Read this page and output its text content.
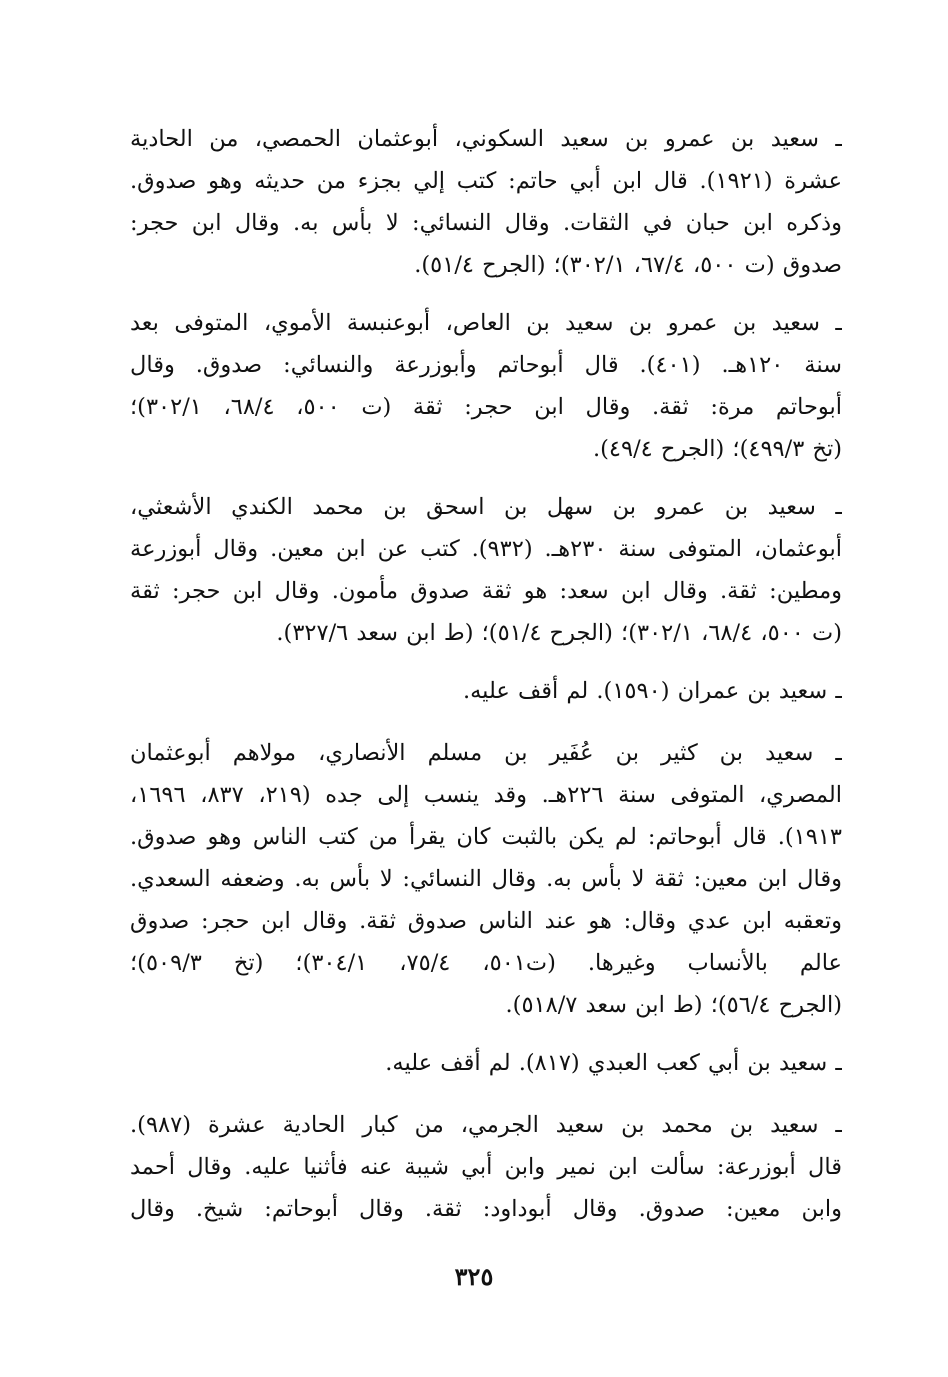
ـ سعيد بن عمرو بن سعيد السكوني، أبوعثمان الحمصي، من الحادية
عشرة (١٩٢١). قال ابن أبي حاتم: كتب إلي بجزء من حديثه وهو صدوق.
وذكره ابن حبان في الثقات. وقال النسائي: لا بأس به. وقال ابن حجر:
صدوق (ت ٥٠٠، ٦٧/٤، ٣٠٢/١)؛ (الجرح ٥١/٤).
ـ سعيد بن عمرو بن سعيد بن العاص، أبوعنبسة الأموي، المتوفى بعد
سنة ١٢٠هـ. (٤٠١). قال أبوحاتم وأبوزرعة والنسائي: صدوق. وقال
أبوحاتم مرة: ثقة. وقال ابن حجر: ثقة (ت ٥٠٠، ٦٨/٤، ٣٠٢/١)؛
(تخ ٤٩٩/٣)؛ (الجرح ٤٩/٤).
ـ سعيد بن عمرو بن سهل بن اسحق بن محمد الكندي الأشعثي،
أبوعثمان، المتوفى سنة ٢٣٠هـ. (٩٣٢). كتب عن ابن معين. وقال أبوزرعة
ومطين: ثقة. وقال ابن سعد: هو ثقة صدوق مأمون. وقال ابن حجر: ثقة
(ت ٥٠٠، ٦٨/٤، ٣٠٢/١)؛ (الجرح ٥١/٤)؛ (ط ابن سعد ٣٢٧/٦).
ـ سعيد بن عمران (١٥٩٠). لم أقف عليه.
ـ سعيد بن كثير بن عُفَير بن مسلم الأنصاري، مولاهم أبوعثمان
المصري، المتوفى سنة ٢٢٦هـ. وقد ينسب إلى جده (٢١٩، ٨٣٧، ١٦٩٦،
١٩١٣). قال أبوحاتم: لم يكن بالثبت كان يقرأ من كتب الناس وهو صدوق.
وقال ابن معين: ثقة لا بأس به. وقال النسائي: لا بأس به. وضعفه السعدي.
وتعقبه ابن عدي وقال: هو عند الناس صدوق ثقة. وقال ابن حجر: صدوق
عالم بالأنساب وغيرها. (ت٥٠١، ٧٥/٤، ٣٠٤/١)؛ (تخ ٥٠٩/٣)؛
(الجرح ٥٦/٤)؛ (ط ابن سعد ٥١٨/٧).
ـ سعيد بن أبي كعب العبدي (٨١٧). لم أقف عليه.
ـ سعيد بن محمد بن سعيد الجرمي، من كبار الحادية عشرة (٩٨٧).
قال أبوزرعة: سألت ابن نمير وابن أبي شيبة عنه فأثنيا عليه. وقال أحمد
وابن معين: صدوق. وقال أبوداود: ثقة. وقال أبوحاتم: شيخ. وقال
٣٢٥
